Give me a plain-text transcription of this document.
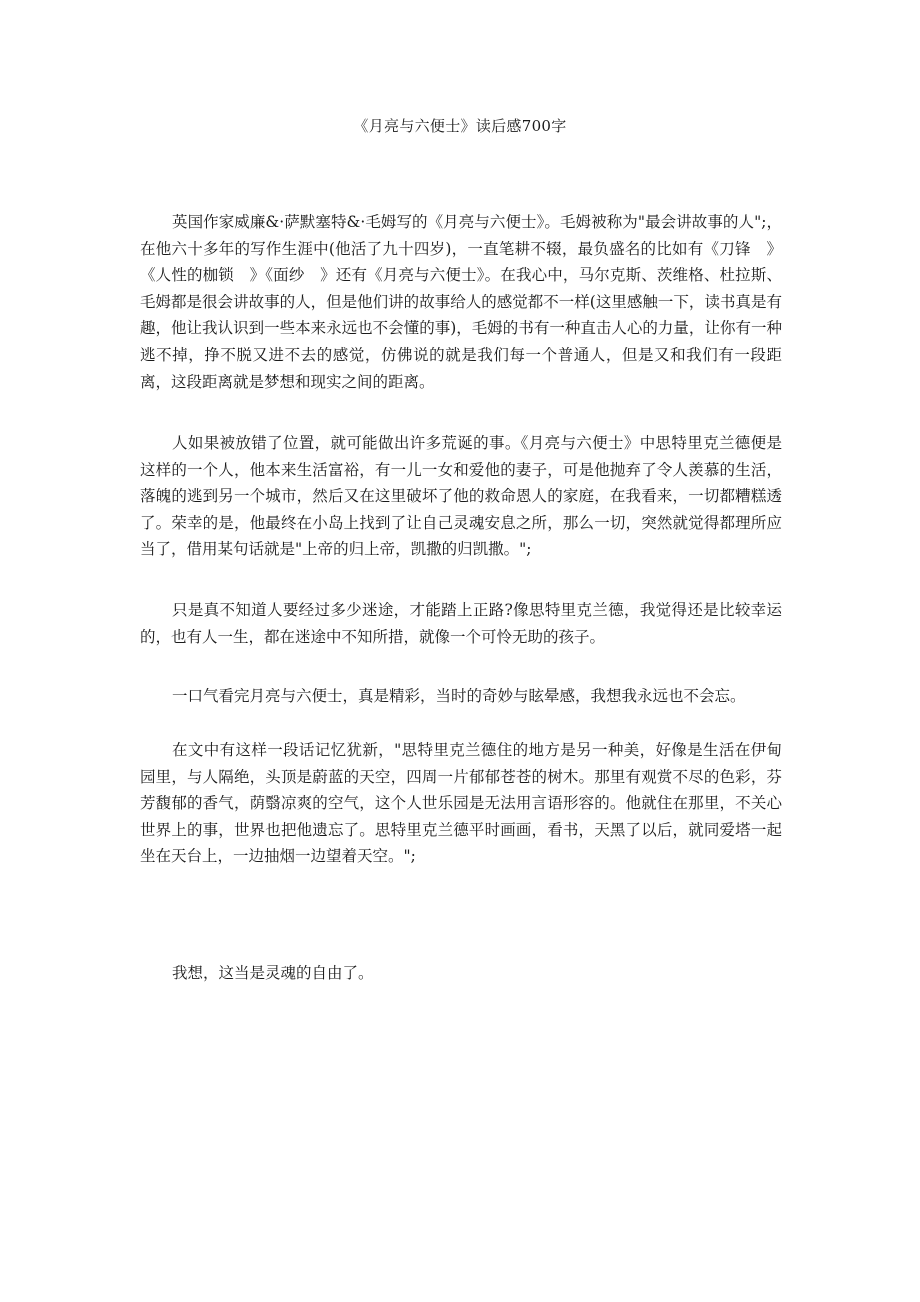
《月亮与六便士》读后感700字

英国作家威廉&·萨默塞特&·毛姆写的《月亮与六便士》。毛姆被称为"最会讲故事的人";，在他六十多年的写作生涯中(他活了九十四岁)，一直笔耕不辍，最负盛名的比如有《刀锋　》《人性的枷锁　》《面纱　》还有《月亮与六便士》。在我心中，马尔克斯、茨维格、杜拉斯、毛姆都是很会讲故事的人，但是他们讲的故事给人的感觉都不一样(这里感触一下，读书真是有趣，他让我认识到一些本来永远也不会懂的事)，毛姆的书有一种直击人心的力量，让你有一种逃不掉，挣不脱又进不去的感觉，仿佛说的就是我们每一个普通人，但是又和我们有一段距离，这段距离就是梦想和现实之间的距离。

人如果被放错了位置，就可能做出许多荒诞的事。《月亮与六便士》中思特里克兰德便是这样的一个人，他本来生活富裕，有一儿一女和爱他的妻子，可是他抛弃了令人羡慕的生活，落魄的逃到另一个城市，然后又在这里破坏了他的救命恩人的家庭，在我看来，一切都糟糕透了。荣幸的是，他最终在小岛上找到了让自己灵魂安息之所，那么一切，突然就觉得都理所应当了，借用某句话就是"上帝的归上帝，凯撒的归凯撒。";

只是真不知道人要经过多少迷途，才能踏上正路?像思特里克兰德，我觉得还是比较幸运的，也有人一生，都在迷途中不知所措，就像一个可怜无助的孩子。

一口气看完月亮与六便士，真是精彩，当时的奇妙与眩晕感，我想我永远也不会忘。

在文中有这样一段话记忆犹新，"思特里克兰德住的地方是另一种美，好像是生活在伊甸园里，与人隔绝，头顶是蔚蓝的天空，四周一片郁郁苍苍的树木。那里有观赏不尽的色彩，芬芳馥郁的香气，荫翳凉爽的空气，这个人世乐园是无法用言语形容的。他就住在那里，不关心世界上的事，世界也把他遗忘了。思特里克兰德平时画画，看书，天黑了以后，就同爱塔一起坐在天台上，一边抽烟一边望着天空。";

我想，这当是灵魂的自由了。
